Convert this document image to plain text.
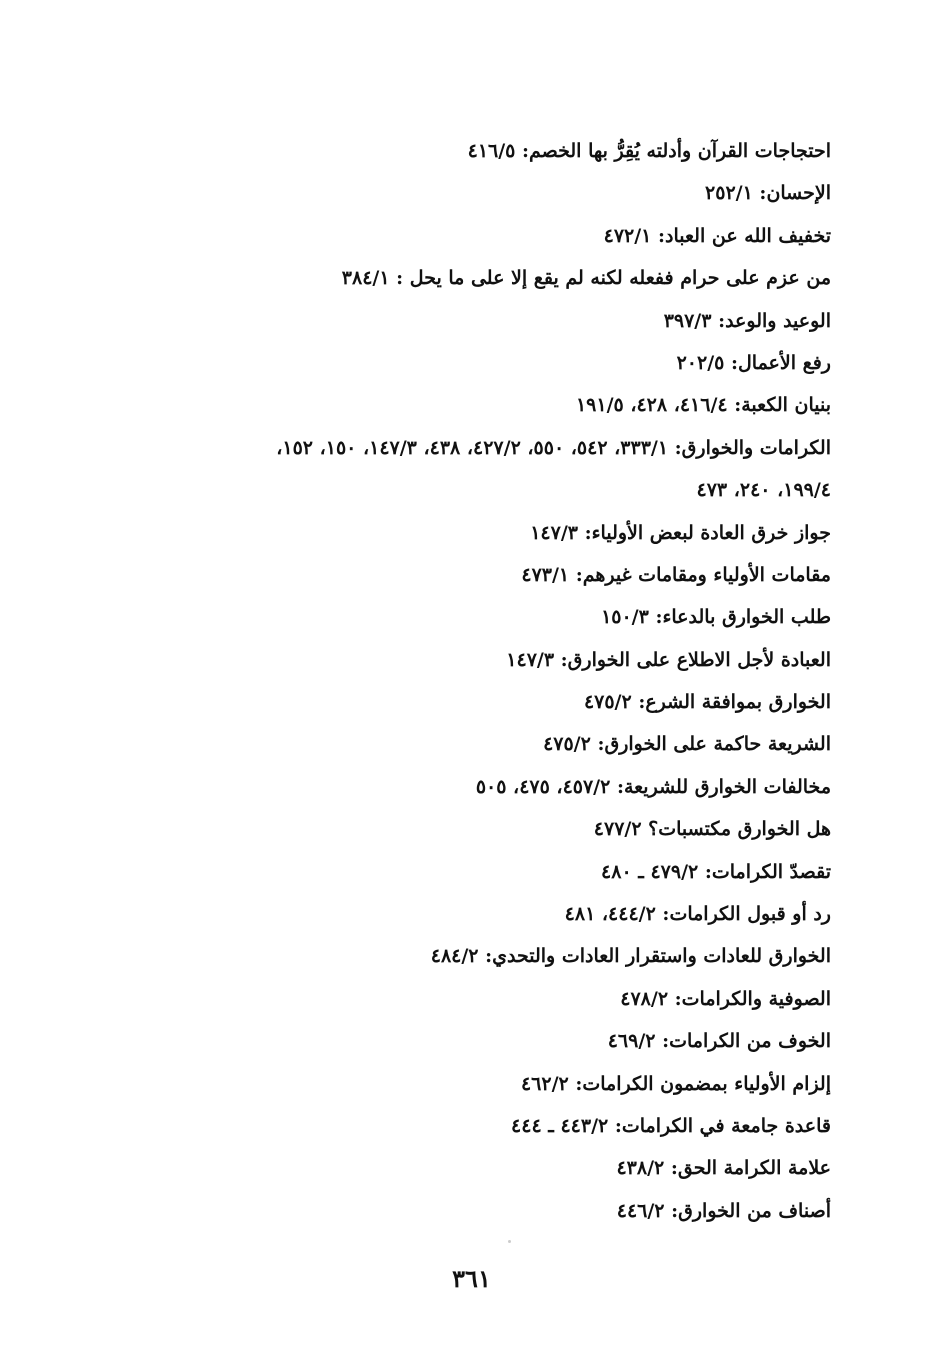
احتجاجات القرآن وأدلته يُقِرُّ بها الخصم: ٤١٦/٥
الإحسان: ٢٥٢/١
تخفيف الله عن العباد: ٤٧٢/١
من عزم على حرام ففعله لكنه لم يقع إلا على ما يحل : ٣٨٤/١
الوعيد والوعد: ٣٩٧/٣
رفع الأعمال: ٢٠٢/٥
بنيان الكعبة: ٤١٦/٤، ٤٢٨، ١٩١/٥
الكرامات والخوارق: ٣٣٣/١، ٥٤٢، ٥٥٠، ٤٢٧/٢، ٤٣٨، ١٤٧/٣، ١٥٠، ١٥٢،
١٩٩/٤، ٢٤٠، ٤٧٣
جواز خرق العادة لبعض الأولياء: ١٤٧/٣
مقامات الأولياء ومقامات غيرهم: ٤٧٣/١
طلب الخوارق بالدعاء: ١٥٠/٣
العبادة لأجل الاطلاع على الخوارق: ١٤٧/٣
الخوارق بموافقة الشرع: ٤٧٥/٢
الشريعة حاكمة على الخوارق: ٤٧٥/٢
مخالفات الخوارق للشريعة: ٤٥٧/٢، ٤٧٥، ٥٠٥
هل الخوارق مكتسبات؟ ٤٧٧/٢
تقصدّ الكرامات: ٤٧٩/٢ ـ ٤٨٠
رد أو قبول الكرامات: ٤٤٤/٢، ٤٨١
الخوارق للعادات واستقرار العادات والتحدي: ٤٨٤/٢
الصوفية والكرامات: ٤٧٨/٢
الخوف من الكرامات: ٤٦٩/٢
إلزام الأولياء بمضمون الكرامات: ٤٦٢/٢
قاعدة جامعة في الكرامات: ٤٤٣/٢ ـ ٤٤٤
علامة الكرامة الحق: ٤٣٨/٢
أصناف من الخوارق: ٤٤٦/٢
٣٦١
